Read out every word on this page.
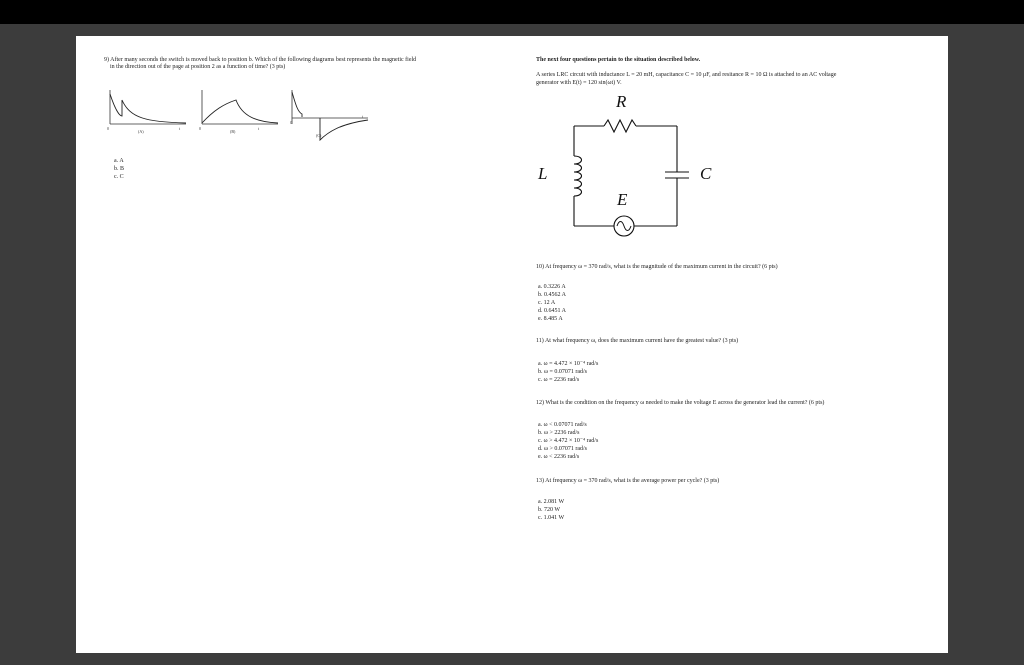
9) After many seconds the switch is moved back to position b. Which of the following diagrams best represents the magnetic field
in the direction out of the page at position 2 as a function of time? (3 pts)
0	t
(A)
0	t
(B)
0
t
(C)
a. A
b. B
c. C
The next four questions pertain to the situation described below.
A series LRC circuit with inductance L = 20 mH, capacitance C = 10 μF, and resitance R = 10 Ω is attached to an AC voltage
generator with E(t) = 120 sin(ωt) V.
R
L	C
E
10) At frequency ω = 370 rad/s, what is the magnitude of the maximum current in the circuit? (6 pts)
a. 0.3226 A
b. 0.4562 A
c. 12 A
d. 0.6451 A
e. 8.485 A
11) At what frequency ω, does the maximum current have the greatest value? (3 pts)
a. ω = 4.472 × 10⁻⁴ rad/s
b. ω = 0.07071 rad/s
c. ω = 2236 rad/s
12) What is the condition on the frequency ω needed to make the voltage E across the generator lead the current? (6 pts)
a. ω < 0.07071 rad/s
b. ω > 2236 rad/s
c. ω > 4.472 × 10⁻⁴ rad/s
d. ω > 0.07071 rad/s
e. ω < 2236 rad/s
13) At frequency ω = 370 rad/s, what is the average power per cycle? (3 pts)
a. 2.081 W
b. 720 W
c. 1.041 W
